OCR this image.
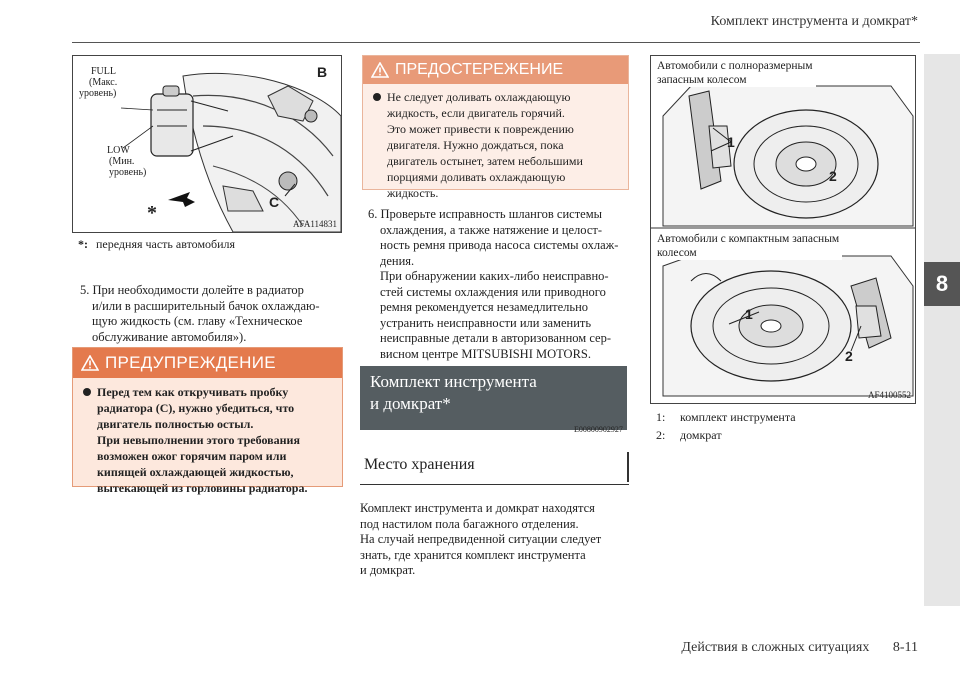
Комплект инструмента и домкрат*
8
FULL
(Макс.
уровень)
LOW
(Мин.
уровень)
B
C
*	AFA114831
*: передняя часть автомобиля
5. При необходимости долейте в радиатор
и/или в расширительный бачок охлаждаю-
щую жидкость (см. главу «Техническое
обслуживание автомобиля»).
ПРЕДУПРЕЖДЕНИЕ
Перед тем как откручивать пробку
радиатора (C), нужно убедиться, что
двигатель полностью остыл.
При невыполнении этого требования
возможен ожог горячим паром или
кипящей охлаждающей жидкостью,
вытекающей из горловины радиатора.
ПРЕДОСТЕРЕЖЕНИЕ
Не следует доливать охлаждающую
жидкость, если двигатель горячий.
Это может привести к повреждению
двигателя. Нужно дождаться, пока
двигатель остынет, затем небольшими
порциями доливать охлаждающую
жидкость.
6. Проверьте исправность шлангов системы
охлаждения, а также натяжение и целост-
ность ремня привода насоса системы охлаж-
дения.
При обнаружении каких-либо неисправно-
стей системы охлаждения или приводного
ремня рекомендуется незамедлительно
устранить неисправности или заменить
неисправные детали в авторизованном сер-
висном центре MITSUBISHI MOTORS.
Комплект инструмента
и домкрат*
E00800902927
Место хранения
Комплект инструмента и домкрат находятся
под настилом пола багажного отделения.
На случай непредвиденной ситуации следует
знать, где хранится комплект инструмента
и домкрат.
Автомобили с полноразмерным
запасным колесом
1
2
Автомобили с компактным запасным
колесом
1
2
AF4100552
1:	комплект инструмента
2:	домкрат
Действия в сложных ситуациях 8-11
